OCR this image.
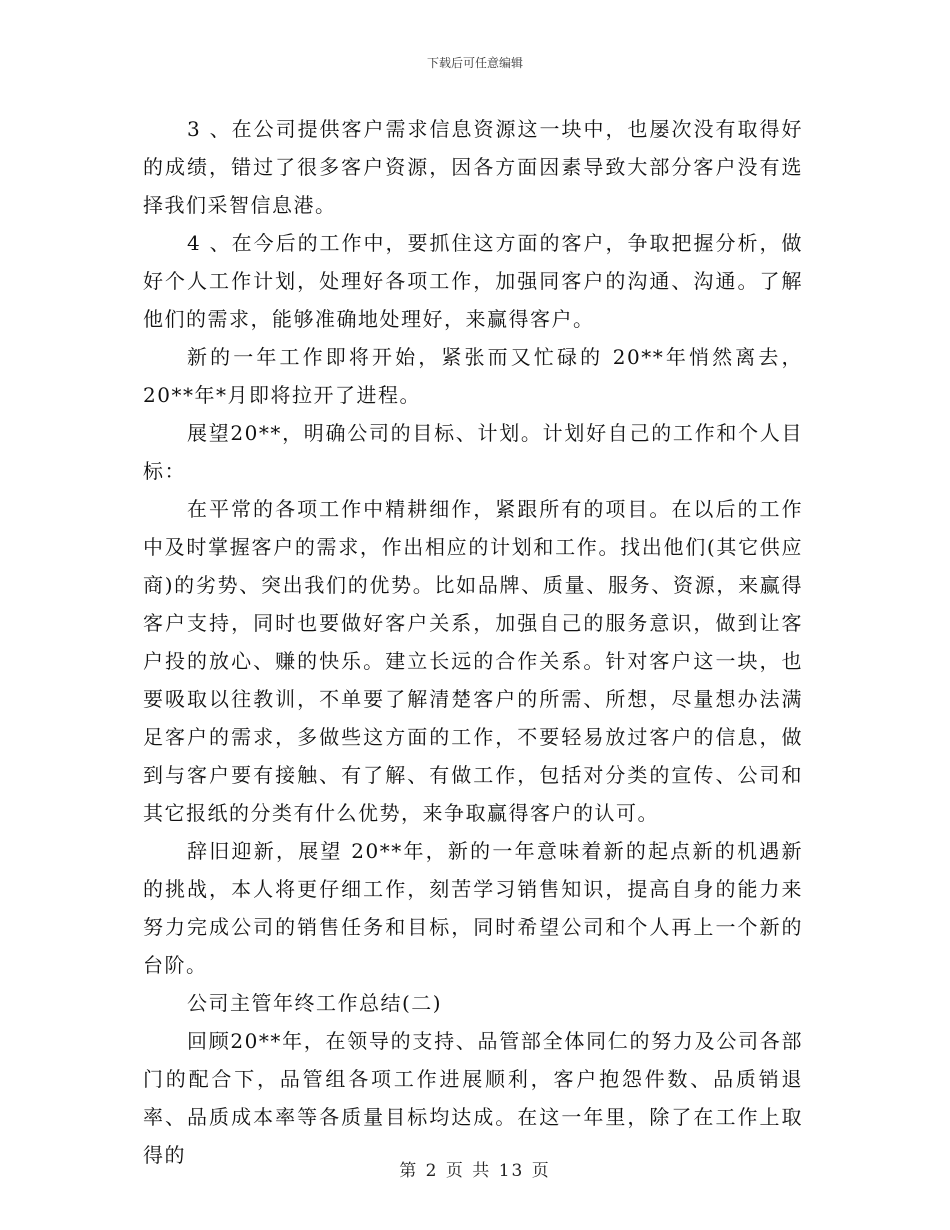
下载后可任意编辑

3 、在公司提供客户需求信息资源这一块中，也屡次没有取得好的成绩，错过了很多客户资源，因各方面因素导致大部分客户没有选择我们采智信息港。

4 、在今后的工作中，要抓住这方面的客户，争取把握分析，做好个人工作计划，处理好各项工作，加强同客户的沟通、沟通。了解他们的需求，能够准确地处理好，来赢得客户。

新的一年工作即将开始，紧张而又忙碌的 20**年悄然离去，20**年*月即将拉开了进程。

展望20**，明确公司的目标、计划。计划好自己的工作和个人目标：

在平常的各项工作中精耕细作，紧跟所有的项目。在以后的工作中及时掌握客户的需求，作出相应的计划和工作。找出他们(其它供应商)的劣势、突出我们的优势。比如品牌、质量、服务、资源，来赢得客户支持，同时也要做好客户关系，加强自己的服务意识，做到让客户投的放心、赚的快乐。建立长远的合作关系。针对客户这一块，也要吸取以往教训，不单要了解清楚客户的所需、所想，尽量想办法满足客户的需求，多做些这方面的工作，不要轻易放过客户的信息，做到与客户要有接触、有了解、有做工作，包括对分类的宣传、公司和其它报纸的分类有什么优势，来争取赢得客户的认可。

辞旧迎新，展望 20**年，新的一年意味着新的起点新的机遇新的挑战，本人将更仔细工作，刻苦学习销售知识，提高自身的能力来努力完成公司的销售任务和目标，同时希望公司和个人再上一个新的台阶。

公司主管年终工作总结(二)

回顾20**年，在领导的支持、品管部全体同仁的努力及公司各部门的配合下，品管组各项工作进展顺利，客户抱怨件数、品质销退率、品质成本率等各质量目标均达成。在这一年里，除了在工作上取得的

第 2 页 共 13 页
